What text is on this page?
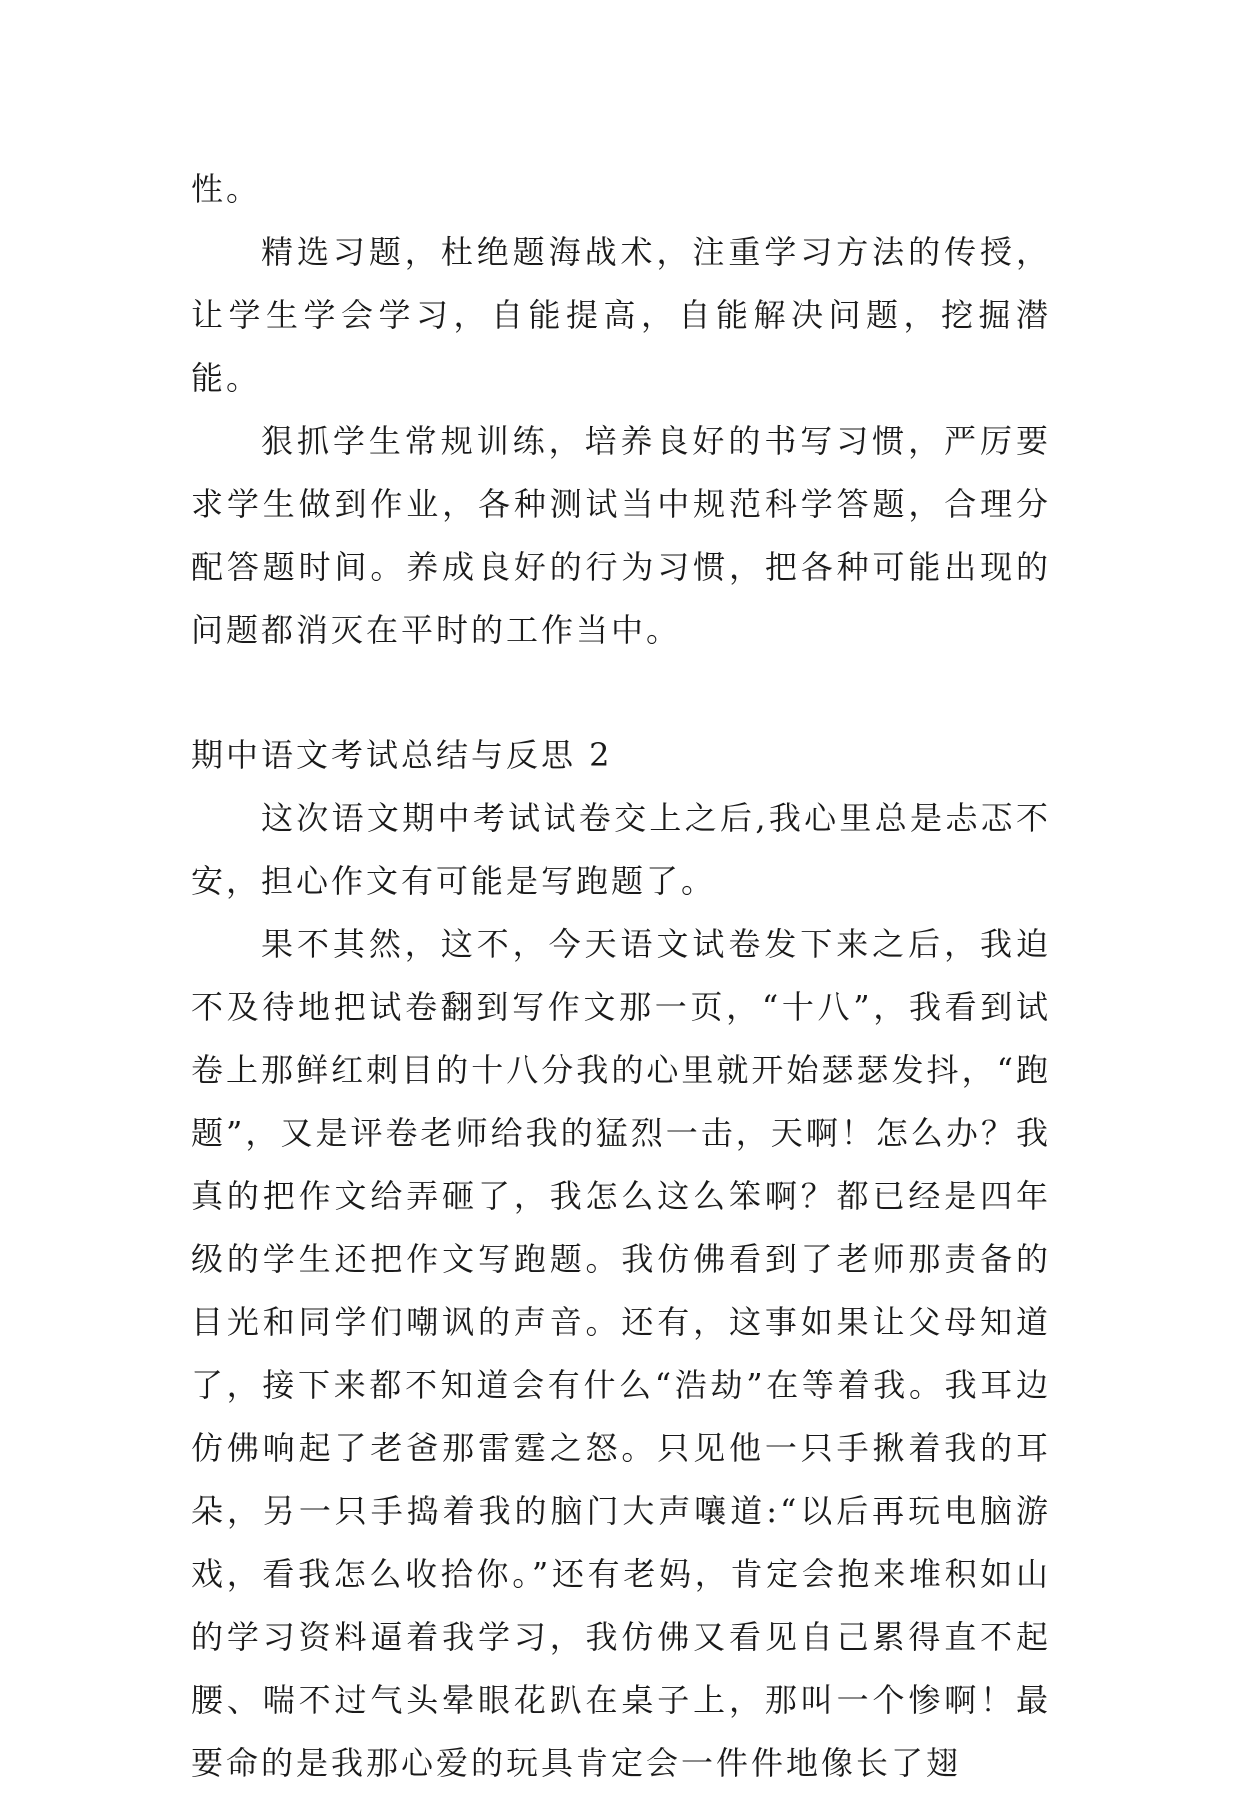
性。

精选习题，杜绝题海战术，注重学习方法的传授，让学生学会学习，自能提高，自能解决问题，挖掘潜能。

狠抓学生常规训练，培养良好的书写习惯，严厉要求学生做到作业，各种测试当中规范科学答题，合理分配答题时间。养成良好的行为习惯，把各种可能出现的问题都消灭在平时的工作当中。

期中语文考试总结与反思 2

这次语文期中考试试卷交上之后,我心里总是忐忑不安，担心作文有可能是写跑题了。

果不其然，这不，今天语文试卷发下来之后，我迫不及待地把试卷翻到写作文那一页，“十八”，我看到试卷上那鲜红刺目的十八分我的心里就开始瑟瑟发抖，“跑题”，又是评卷老师给我的猛烈一击，天啊！怎么办？我真的把作文给弄砸了，我怎么这么笨啊？都已经是四年级的学生还把作文写跑题。我仿佛看到了老师那责备的目光和同学们嘲讽的声音。还有，这事如果让父母知道了，接下来都不知道会有什么“浩劫”在等着我。我耳边仿佛响起了老爸那雷霆之怒。只见他一只手揪着我的耳朵，另一只手捣着我的脑门大声嚷道:“以后再玩电脑游戏，看我怎么收拾你。”还有老妈，肯定会抱来堆积如山的学习资料逼着我学习，我仿佛又看见自己累得直不起腰、喘不过气头晕眼花趴在桌子上，那叫一个惨啊！最要命的是我那心爱的玩具肯定会一件件地像长了翅
